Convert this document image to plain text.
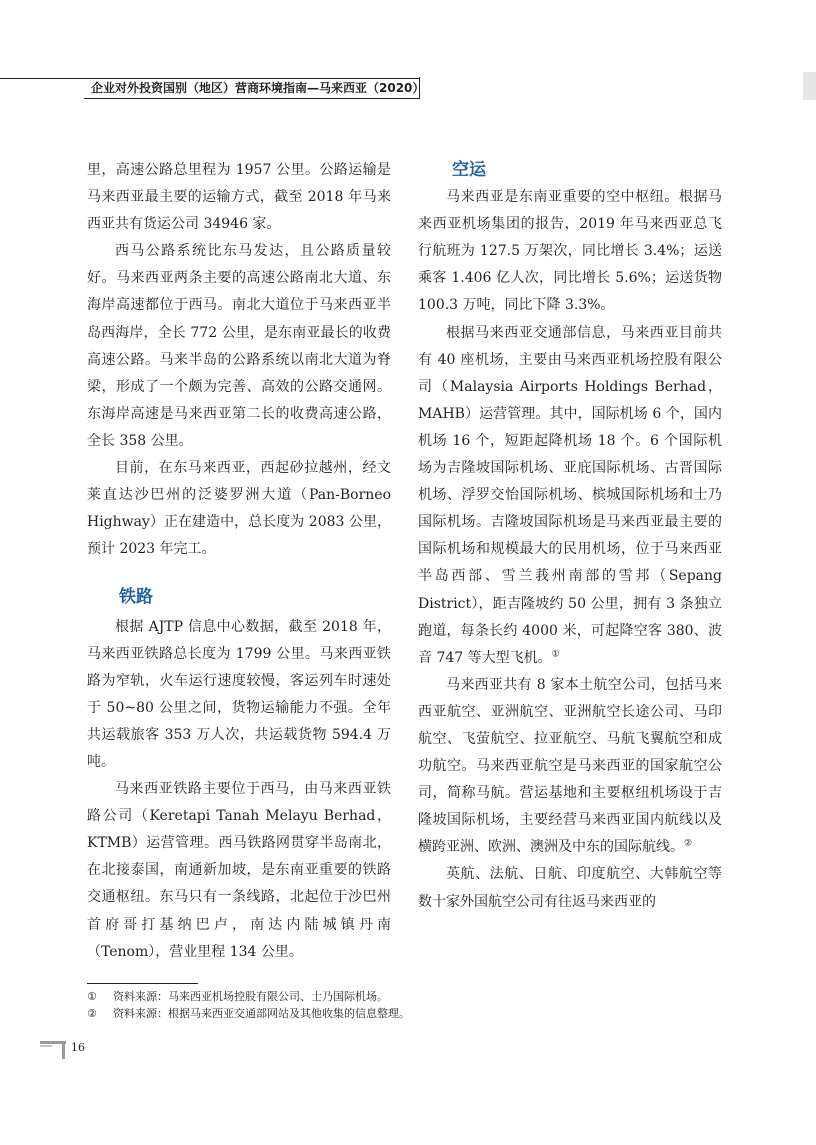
企业对外投资国别（地区）营商环境指南—马来西亚（2020）

里，高速公路总里程为 1957 公里。公路运输是马来西亚最主要的运输方式，截至 2018 年马来西亚共有货运公司 34946 家。

西马公路系统比东马发达，且公路质量较好。马来西亚两条主要的高速公路南北大道、东海岸高速都位于西马。南北大道位于马来西亚半岛西海岸，全长 772 公里，是东南亚最长的收费高速公路。马来半岛的公路系统以南北大道为脊梁，形成了一个颇为完善、高效的公路交通网。东海岸高速是马来西亚第二长的收费高速公路，全长 358 公里。

目前，在东马来西亚，西起砂拉越州，经文莱直达沙巴州的泛婆罗洲大道（Pan-Borneo Highway）正在建造中，总长度为 2083 公里，预计 2023 年完工。

铁路

根据 AJTP 信息中心数据，截至 2018 年，马来西亚铁路总长度为 1799 公里。马来西亚铁路为窄轨，火车运行速度较慢，客运列车时速处于 50~80 公里之间，货物运输能力不强。全年共运载旅客 353 万人次，共运载货物 594.4 万吨。

马来西亚铁路主要位于西马，由马来西亚铁路公司（Keretapi Tanah Melayu Berhad，KTMB）运营管理。西马铁路网贯穿半岛南北，在北接泰国，南通新加坡，是东南亚重要的铁路交通枢纽。东马只有一条线路，北起位于沙巴州首府哥打基纳巴卢，南达内陆城镇丹南（Tenom），营业里程 134 公里。

空运

马来西亚是东南亚重要的空中枢纽。根据马来西亚机场集团的报告，2019 年马来西亚总飞行航班为 127.5 万架次，同比增长 3.4%；运送乘客 1.406 亿人次，同比增长 5.6%；运送货物 100.3 万吨，同比下降 3.3%。

根据马来西亚交通部信息，马来西亚目前共有 40 座机场，主要由马来西亚机场控股有限公司（Malaysia Airports Holdings Berhad，MAHB）运营管理。其中，国际机场 6 个，国内机场 16 个，短距起降机场 18 个。6 个国际机场为吉隆坡国际机场、亚庇国际机场、古晋国际机场、浮罗交怡国际机场、槟城国际机场和士乃国际机场。吉隆坡国际机场是马来西亚最主要的国际机场和规模最大的民用机场，位于马来西亚半岛西部、雪兰莪州南部的雪邦（Sepang District），距吉隆坡约 50 公里，拥有 3 条独立跑道，每条长约 4000 米，可起降空客 380、波音 747 等大型飞机。①

马来西亚共有 8 家本土航空公司，包括马来西亚航空、亚洲航空、亚洲航空长途公司、马印航空、飞萤航空、拉亚航空、马航飞翼航空和成功航空。马来西亚航空是马来西亚的国家航空公司，简称马航。营运基地和主要枢纽机场设于吉隆坡国际机场，主要经营马来西亚国内航线以及横跨亚洲、欧洲、澳洲及中东的国际航线。②

英航、法航、日航、印度航空、大韩航空等数十家外国航空公司有往返马来西亚的

① 资料来源：马来西亚机场控股有限公司、士乃国际机场。
② 资料来源：根据马来西亚交通部网站及其他收集的信息整理。
16
